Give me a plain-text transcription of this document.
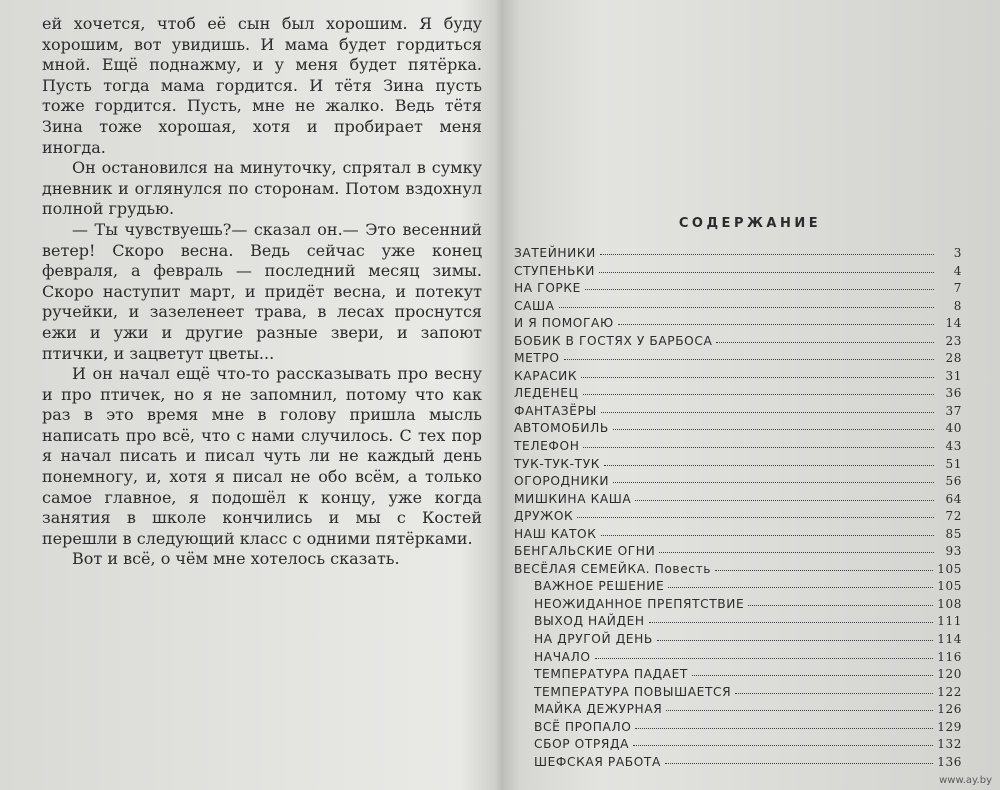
ей хочется, чтоб её сын был хорошим. Я буду хорошим, вот увидишь. И мама будет гордиться мной. Ещё поднажму, и у меня будет пятёрка. Пусть тогда мама гордится. И тётя Зина пусть тоже гордится. Пусть, мне не жалко. Ведь тётя Зина тоже хорошая, хотя и пробирает меня иногда.

Он остановился на минуточку, спрятал в сумку дневник и оглянулся по сторонам. Потом вздохнул полной грудью.

— Ты чувствуешь?— сказал он.— Это весенний ветер! Скоро весна. Ведь сейчас уже конец февраля, а февраль — последний месяц зимы. Скоро наступит март, и придёт весна, и потекут ручейки, и зазеленеет трава, в лесах проснутся ежи и ужи и другие разные звери, и запоют птички, и зацветут цветы...

И он начал ещё что-то рассказывать про весну и про птичек, но я не запомнил, потому что как раз в это время мне в голову пришла мысль написать про всё, что с нами случилось. С тех пор я начал писать и писал чуть ли не каждый день понемногу, и, хотя я писал не обо всём, а только самое главное, я подошёл к концу, уже когда занятия в школе кончились и мы с Костей перешли в следующий класс с одними пятёрками.

Вот и всё, о чём мне хотелось сказать.

СОДЕРЖАНИЕ
ЗАТЕЙНИКИ	3
СТУПЕНЬКИ	4
НА ГОРКЕ	7
САША	8
И Я ПОМОГАЮ	14
БОБИК В ГОСТЯХ У БАРБОСА	23
МЕТРО	28
КАРАСИК	31
ЛЕДЕНЕЦ	36
ФАНТАЗЁРЫ	37
АВТОМОБИЛЬ	40
ТЕЛЕФОН	43
ТУК-ТУК-ТУК	51
ОГОРОДНИКИ	56
МИШКИНА КАША	64
ДРУЖОК	72
НАШ КАТОК	85
БЕНГАЛЬСКИЕ ОГНИ	93
ВЕСЁЛАЯ СЕМЕЙКА. Повесть	105
ВАЖНОЕ РЕШЕНИЕ	105
НЕОЖИДАННОЕ ПРЕПЯТСТВИЕ	108
ВЫХОД НАЙДЕН	111
НА ДРУГОЙ ДЕНЬ	114
НАЧАЛО	116
ТЕМПЕРАТУРА ПАДАЕТ	120
ТЕМПЕРАТУРА ПОВЫШАЕТСЯ	122
МАЙКА ДЕЖУРНАЯ	126
ВСЁ ПРОПАЛО	129
СБОР ОТРЯДА	132
ШЕФСКАЯ РАБОТА	136
www.ay.by
